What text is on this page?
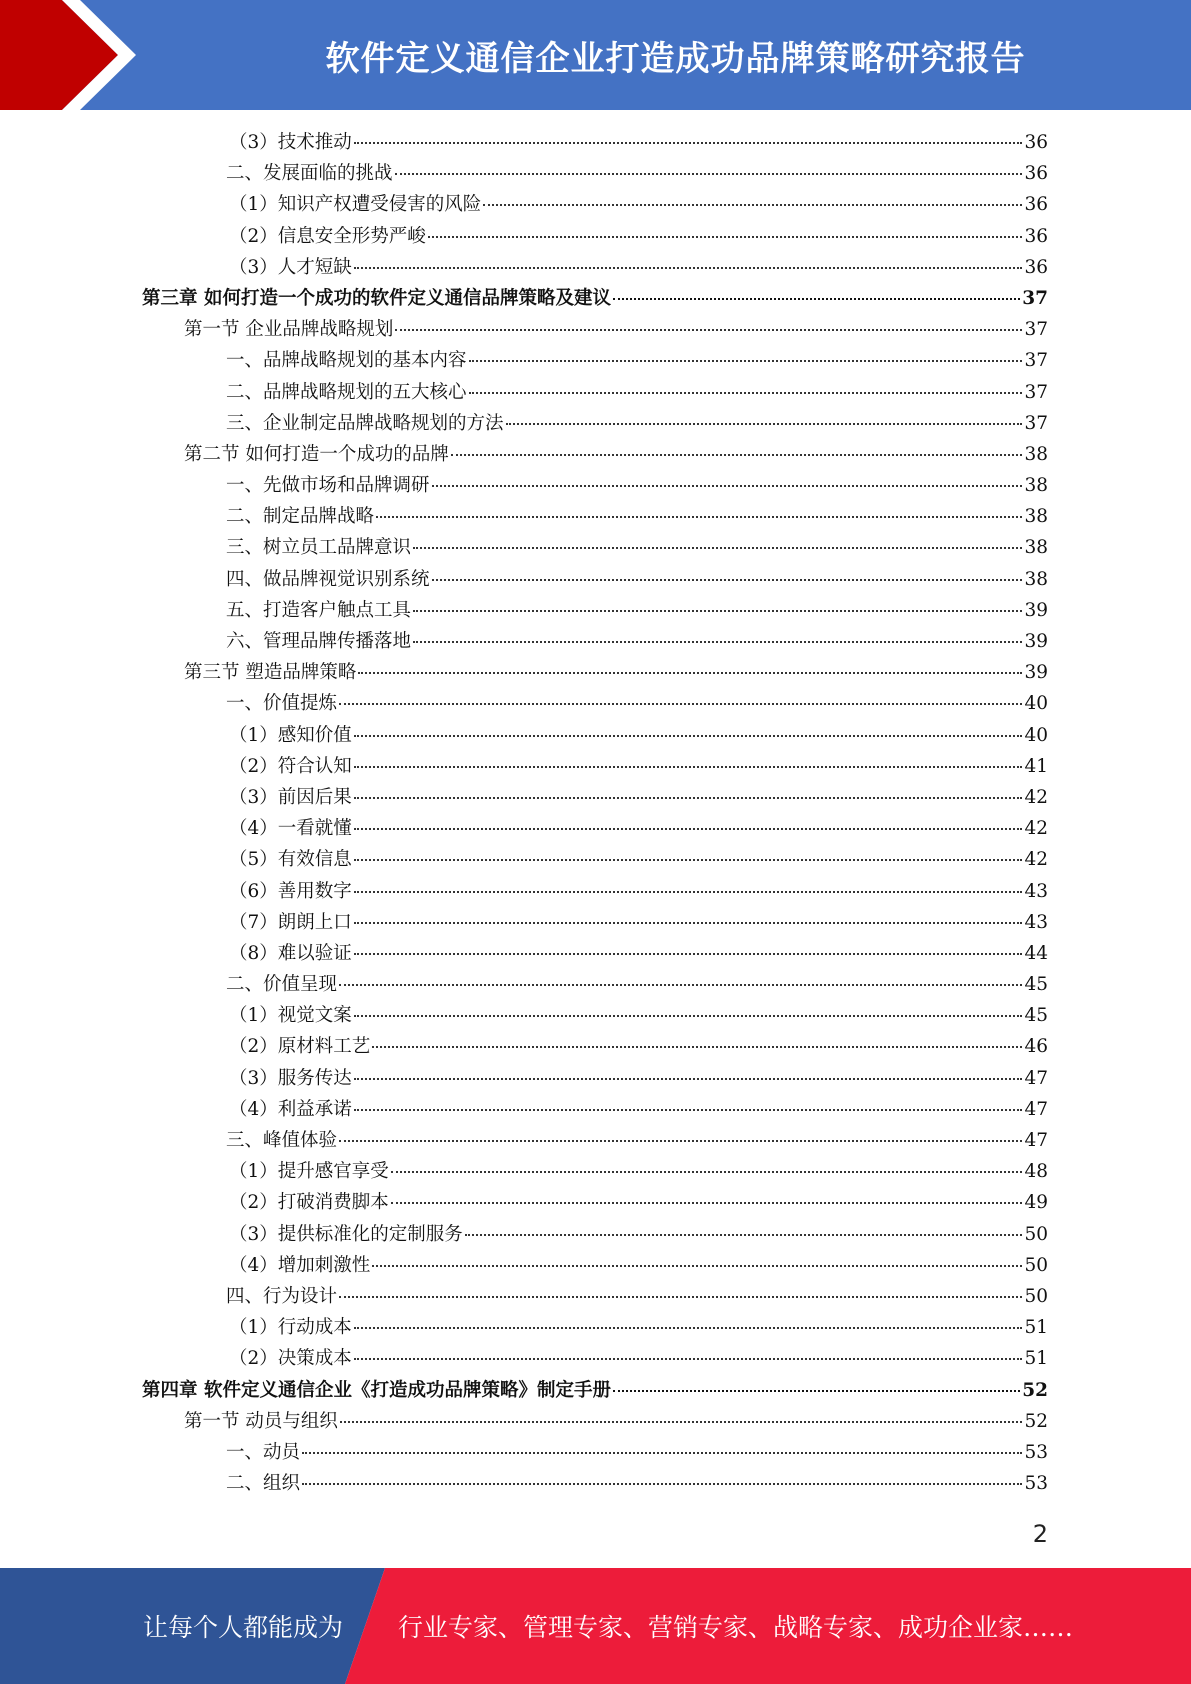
软件定义通信企业打造成功品牌策略研究报告
（3）技术推动	36
二、发展面临的挑战	36
（1）知识产权遭受侵害的风险	36
（2）信息安全形势严峻	36
（3）人才短缺	36
第三章 如何打造一个成功的软件定义通信品牌策略及建议	37
第一节 企业品牌战略规划	37
一、品牌战略规划的基本内容	37
二、品牌战略规划的五大核心	37
三、企业制定品牌战略规划的方法	37
第二节 如何打造一个成功的品牌	38
一、先做市场和品牌调研	38
二、制定品牌战略	38
三、树立员工品牌意识	38
四、做品牌视觉识别系统	38
五、打造客户触点工具	39
六、管理品牌传播落地	39
第三节 塑造品牌策略	39
一、价值提炼	40
（1）感知价值	40
（2）符合认知	41
（3）前因后果	42
（4）一看就懂	42
（5）有效信息	42
（6）善用数字	43
（7）朗朗上口	43
（8）难以验证	44
二、价值呈现	45
（1）视觉文案	45
（2）原材料工艺	46
（3）服务传达	47
（4）利益承诺	47
三、峰值体验	47
（1）提升感官享受	48
（2）打破消费脚本	49
（3）提供标准化的定制服务	50
（4）增加刺激性	50
四、行为设计	50
（1）行动成本	51
（2）决策成本	51
第四章 软件定义通信企业《打造成功品牌策略》制定手册	52
第一节 动员与组织	52
一、动员	53
二、组织	53
2
让每个人都能成为 行业专家、管理专家、营销专家、战略专家、成功企业家……
